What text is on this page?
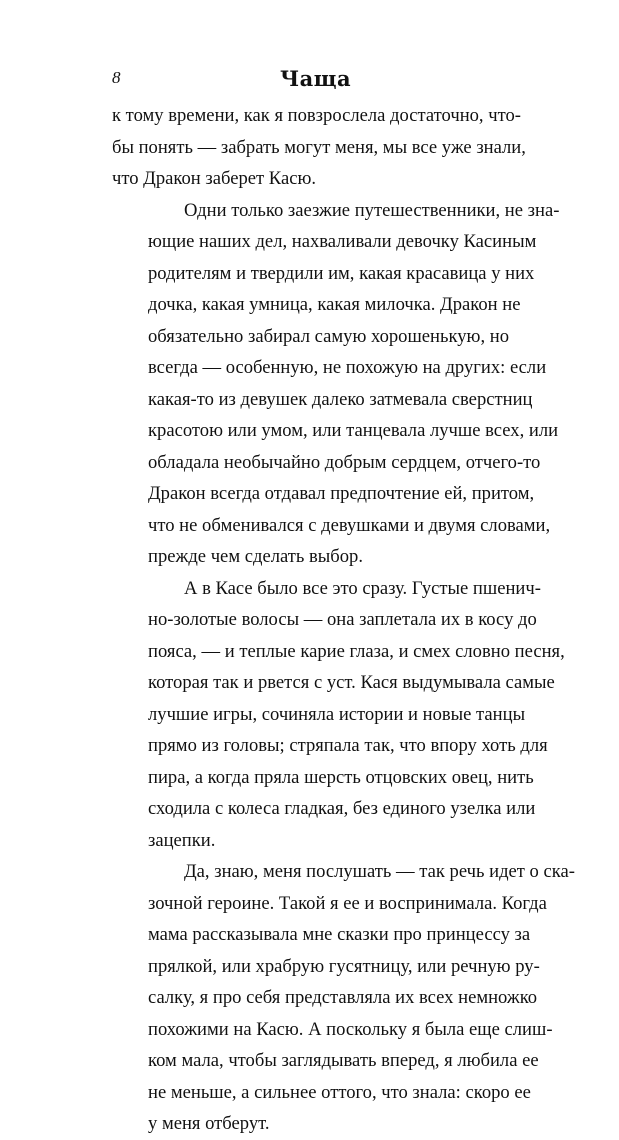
8	Чаща

к тому времени, как я повзрослела достаточно, что-
бы понять — забрать могут меня, мы все уже знали,
что Дракон заберет Касю.

Одни только заезжие путешественники, не зна-
ющие наших дел, нахваливали девочку Касиным
родителям и твердили им, какая красавица у них
дочка, какая умница, какая милочка. Дракон не
обязательно забирал самую хорошенькую, но
всегда — особенную, не похожую на других: если
какая-то из девушек далеко затмевала сверстниц
красотою или умом, или танцевала лучше всех, или
обладала необычайно добрым сердцем, отчего-то
Дракон всегда отдавал предпочтение ей, притом,
что не обменивался с девушками и двумя словами,
прежде чем сделать выбор.

А в Касе было все это сразу. Густые пшенич-
но-золотые волосы — она заплетала их в косу до
пояса, — и теплые карие глаза, и смех словно песня,
которая так и рвется с уст. Кася выдумывала самые
лучшие игры, сочиняла истории и новые танцы
прямо из головы; стряпала так, что впору хоть для
пира, а когда пряла шерсть отцовских овец, нить
сходила с колеса гладкая, без единого узелка или
зацепки.

Да, знаю, меня послушать — так речь идет о ска-
зочной героине. Такой я ее и воспринимала. Когда
мама рассказывала мне сказки про принцессу за
прялкой, или храбрую гусятницу, или речную ру-
салку, я про себя представляла их всех немножко
похожими на Касю. А поскольку я была еще слиш-
ком мала, чтобы заглядывать вперед, я любила ее
не меньше, а сильнее оттого, что знала: скоро ее
у меня отберут.
